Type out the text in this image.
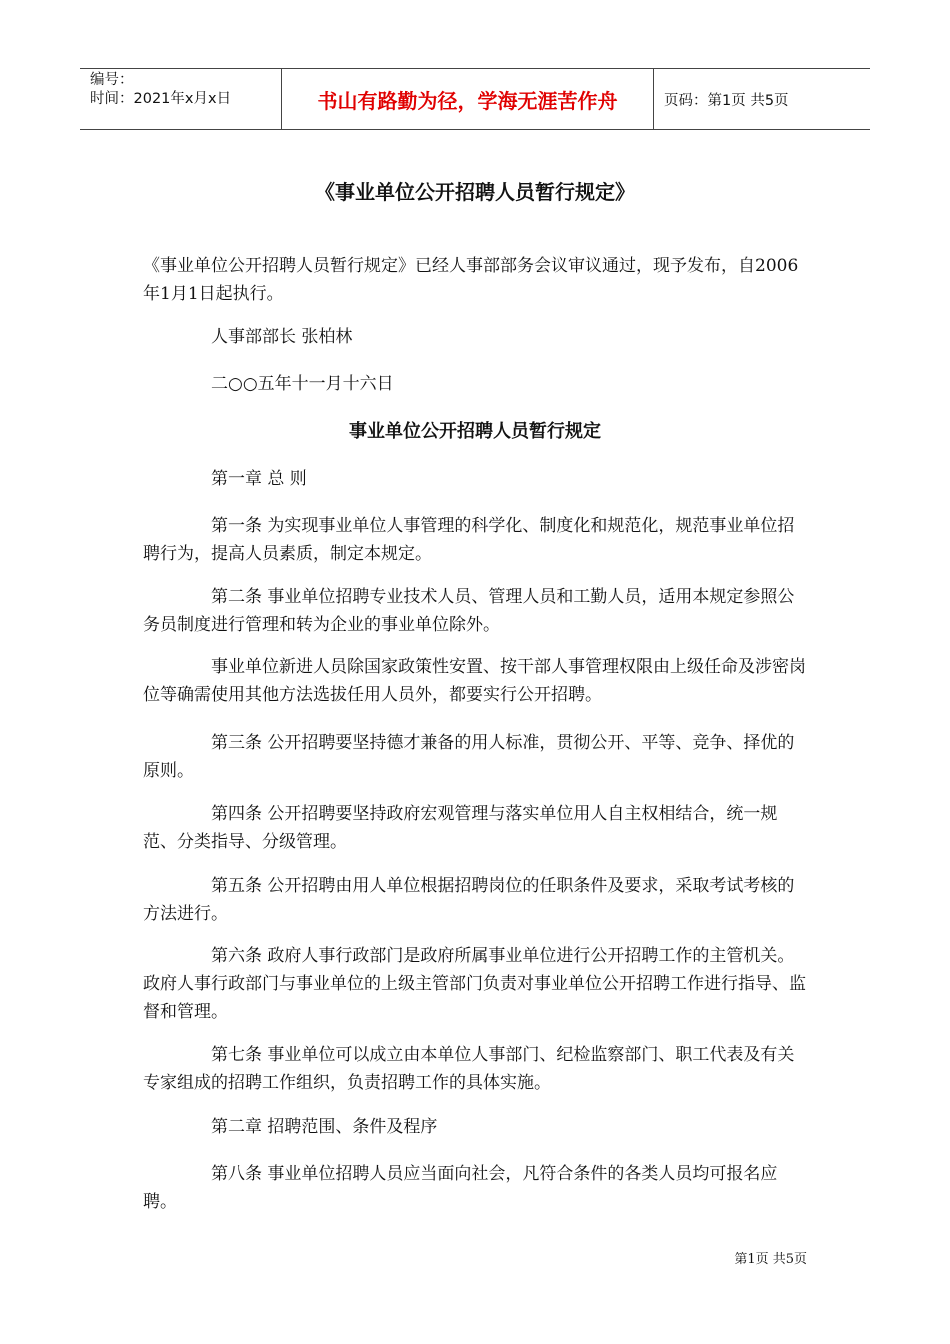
编号：
时间：2021年x月x日	书山有路勤为径，学海无涯苦作舟	页码：第1页 共5页
《事业单位公开招聘人员暂行规定》

《事业单位公开招聘人员暂行规定》已经人事部部务会议审议通过，现予发布，自2006年1月1日起执行。

人事部部长 张柏林

二○○五年十一月十六日

事业单位公开招聘人员暂行规定

第一章 总 则

第一条 为实现事业单位人事管理的科学化、制度化和规范化，规范事业单位招聘行为，提高人员素质，制定本规定。

第二条 事业单位招聘专业技术人员、管理人员和工勤人员，适用本规定参照公务员制度进行管理和转为企业的事业单位除外。

事业单位新进人员除国家政策性安置、按干部人事管理权限由上级任命及涉密岗位等确需使用其他方法选拔任用人员外，都要实行公开招聘。

第三条 公开招聘要坚持德才兼备的用人标准，贯彻公开、平等、竞争、择优的原则。

第四条 公开招聘要坚持政府宏观管理与落实单位用人自主权相结合，统一规范、分类指导、分级管理。

第五条 公开招聘由用人单位根据招聘岗位的任职条件及要求，采取考试考核的方法进行。

第六条 政府人事行政部门是政府所属事业单位进行公开招聘工作的主管机关。政府人事行政部门与事业单位的上级主管部门负责对事业单位公开招聘工作进行指导、监督和管理。

第七条 事业单位可以成立由本单位人事部门、纪检监察部门、职工代表及有关专家组成的招聘工作组织，负责招聘工作的具体实施。

第二章 招聘范围、条件及程序

第八条 事业单位招聘人员应当面向社会，凡符合条件的各类人员均可报名应聘。

第1页 共5页
